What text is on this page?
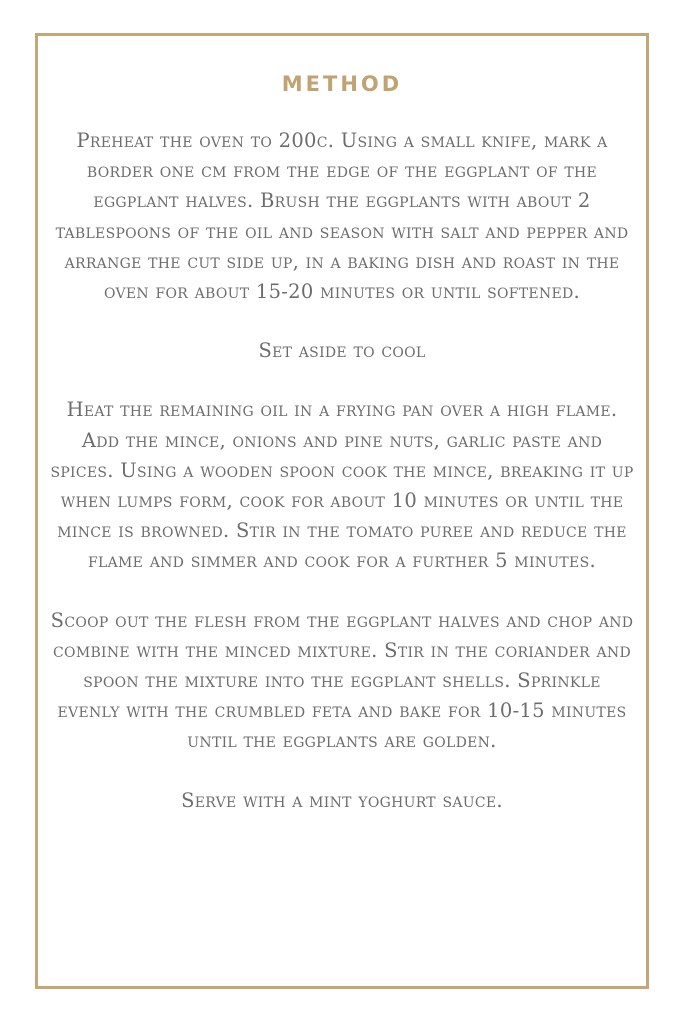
METHOD

Preheat the oven to 200c. Using a small knife, mark a border one cm from the edge of the eggplant of the eggplant halves. Brush the eggplants with about 2 tablespoons of the oil and season with salt and pepper and arrange the cut side up, in a baking dish and roast in the oven for about 15-20 minutes or until softened.

Set aside to cool

Heat the remaining oil in a frying pan over a high flame. Add the mince, onions and pine nuts, garlic paste and spices. Using a wooden spoon cook the mince, breaking it up when lumps form, cook for about 10 minutes or until the mince is browned. Stir in the tomato puree and reduce the flame and simmer and cook for a further 5 minutes.

Scoop out the flesh from the eggplant halves and chop and combine with the minced mixture. Stir in the coriander and spoon the mixture into the eggplant shells. Sprinkle evenly with the crumbled feta and bake for 10-15 minutes until the eggplants are golden.

Serve with a mint yoghurt sauce.
